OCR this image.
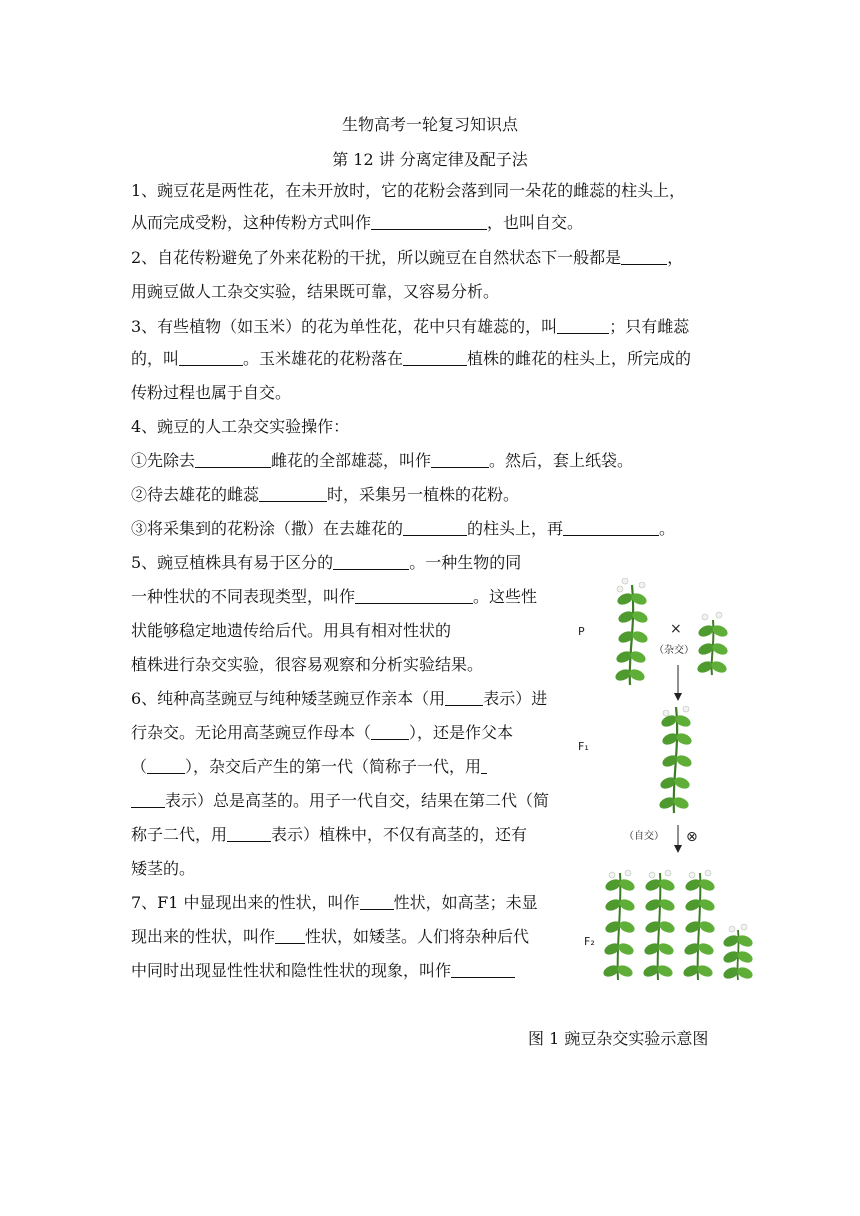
生物高考一轮复习知识点
第 12 讲 分离定律及配子法
1、豌豆花是两性花，在未开放时，它的花粉会落到同一朵花的雌蕊的柱头上，
从而完成受粉，这种传粉方式叫作	，也叫自交。
2、自花传粉避免了外来花粉的干扰，所以豌豆在自然状态下一般都是	，
用豌豆做人工杂交实验，结果既可靠，又容易分析。
3、有些植物（如玉米）的花为单性花，花中只有雄蕊的，叫	；只有雌蕊
的，叫	。玉米雄花的花粉落在	植株的雌花的柱头上，所完成的
传粉过程也属于自交。
4、豌豆的人工杂交实验操作：
①先除去	雌花的全部雄蕊，叫作	。然后，套上纸袋。
②待去雄花的雌蕊	时，采集另一植株的花粉。
③将采集到的花粉涂（撒）在去雄花的	的柱头上，再	。
5、豌豆植株具有易于区分的	。一种生物的同
一种性状的不同表现类型，叫作	。这些性
状能够稳定地遗传给后代。用具有相对性状的
植株进行杂交实验，很容易观察和分析实验结果。
6、纯种高茎豌豆与纯种矮茎豌豆作亲本（用 表示）进
行杂交。无论用高茎豌豆作母本（ ），还是作父本
（ ），杂交后产生的第一代（简称子一代，用
表示）总是高茎的。用子一代自交，结果在第二代（简
称子二代，用	表示）植株中，不仅有高茎的，还有
矮茎的。
7、F1 中显现出来的性状，叫作 性状，如高茎；未显
现出来的性状，叫作 性状，如矮茎。人们将杂种后代
中同时出现显性性状和隐性性状的现象，叫作
P	×
（杂交）
F₁
（自交） ⊗
F₂
图 1 豌豆杂交实验示意图
